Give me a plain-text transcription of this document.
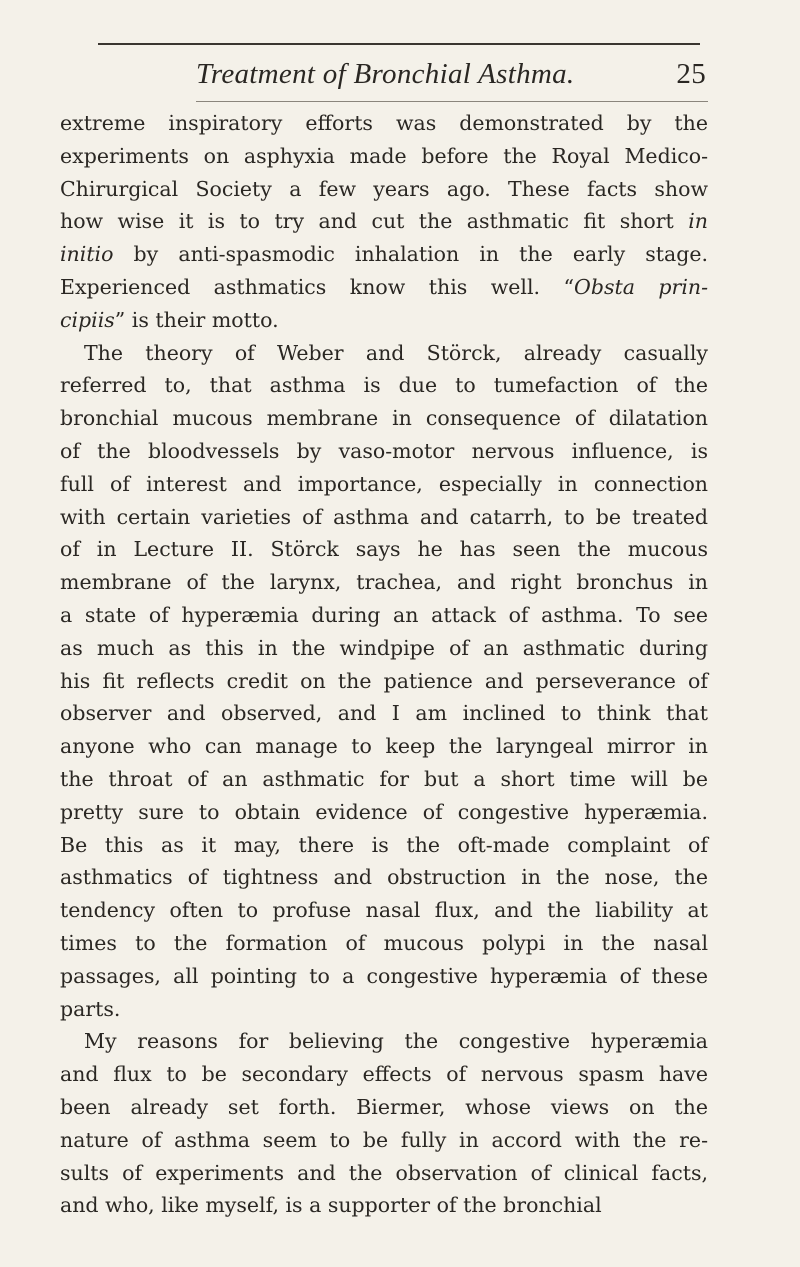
Treatment of Bronchial Asthma.	25

extreme inspiratory efforts was demonstrated by the
experiments on asphyxia made before the Royal Medico-
Chirurgical Society a few years ago. These facts show
how wise it is to try and cut the asthmatic fit short in
initio by anti-spasmodic inhalation in the early stage.
Experienced asthmatics know this well. “Obsta prin-
cipiis” is their motto.

The theory of Weber and Störck, already casually
referred to, that asthma is due to tumefaction of the
bronchial mucous membrane in consequence of dilatation
of the bloodvessels by vaso-motor nervous influence, is
full of interest and importance, especially in connection
with certain varieties of asthma and catarrh, to be treated
of in Lecture II. Störck says he has seen the mucous
membrane of the larynx, trachea, and right bronchus in
a state of hyperæmia during an attack of asthma. To see
as much as this in the windpipe of an asthmatic during
his fit reflects credit on the patience and perseverance of
observer and observed, and I am inclined to think that
anyone who can manage to keep the laryngeal mirror in
the throat of an asthmatic for but a short time will be
pretty sure to obtain evidence of congestive hyperæmia.
Be this as it may, there is the oft-made complaint of
asthmatics of tightness and obstruction in the nose, the
tendency often to profuse nasal flux, and the liability at
times to the formation of mucous polypi in the nasal
passages, all pointing to a congestive hyperæmia of these
parts.

My reasons for believing the congestive hyperæmia
and flux to be secondary effects of nervous spasm have
been already set forth. Biermer, whose views on the
nature of asthma seem to be fully in accord with the re-
sults of experiments and the observation of clinical facts,
and who, like myself, is a supporter of the bronchial
